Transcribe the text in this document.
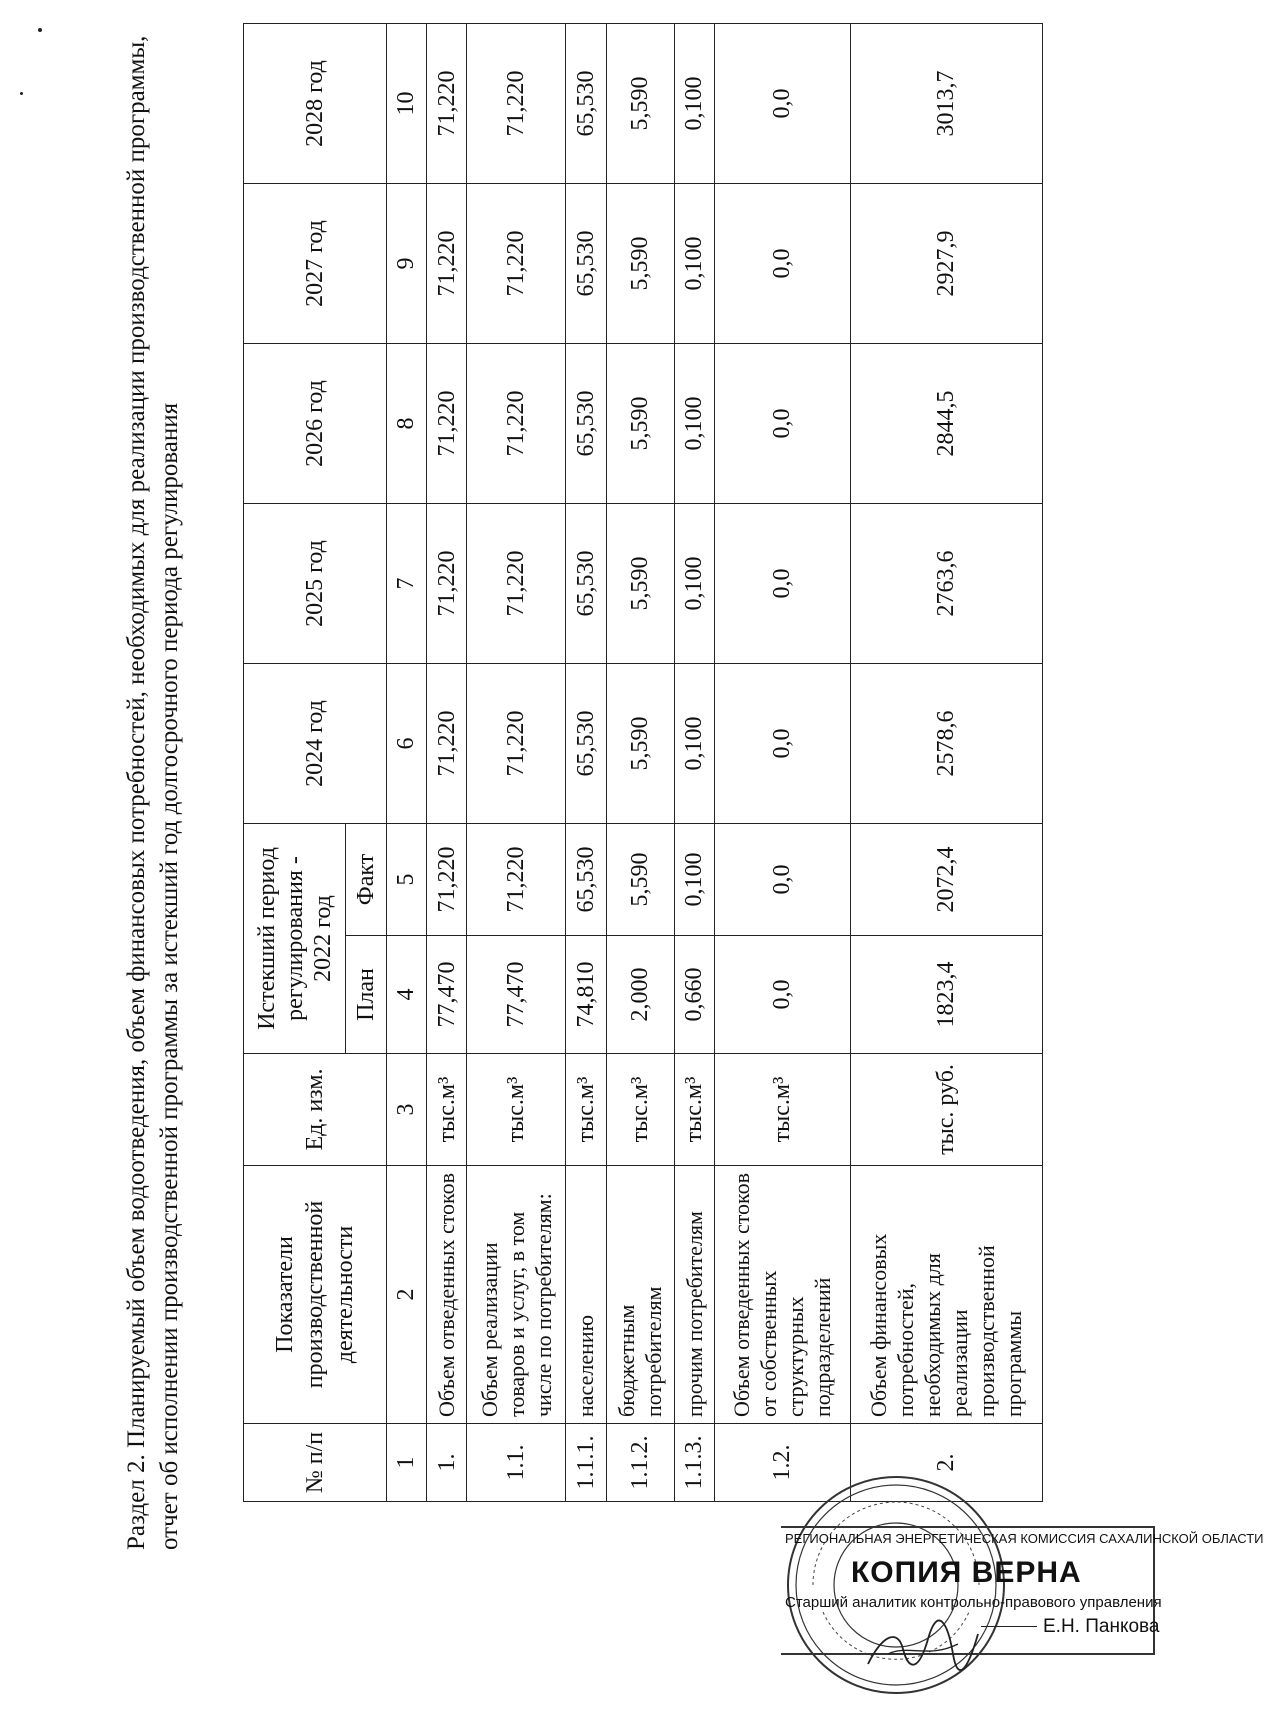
Раздел 2. Планируемый объем водоотведения, объем финансовых потребностей, необходимых для реализации производственной программы, отчет об исполнении производственной программы за истекший год долгосрочного периода регулирования	№ п/п	Показатели производственной деятельности	Ед. изм.	Истекший период регулирования - 2022 год		2024 год	2025 год	2026 год	2027 год	2028 год
			План	Факт					
1	2	3	4	5	6	7	8	9	10
1.	Объем отведенных стоков	тыс.м³	77,470	71,220	71,220	71,220	71,220	71,220	71,220
1.1.	Объем реализации товаров и услуг, в том числе по потребителям:	тыс.м³	77,470	71,220	71,220	71,220	71,220	71,220	71,220
1.1.1.	населению	тыс.м³	74,810	65,530	65,530	65,530	65,530	65,530	65,530
1.1.2.	бюджетным потребителям	тыс.м³	2,000	5,590	5,590	5,590	5,590	5,590	5,590
1.1.3.	прочим потребителям	тыс.м³	0,660	0,100	0,100	0,100	0,100	0,100	0,100
1.2.	Объем отведенных стоков от собственных структурных подразделений	тыс.м³	0,0	0,0	0,0	0,0	0,0	0,0	0,0
2.	Объем финансовых потребностей, необходимых для реализации производственной программы	тыс. руб.	1823,4	2072,4	2578,6	2763,6	2844,5	2927,9	3013,7
РЕГИОНАЛЬНАЯ ЭНЕРГЕТИЧЕСКАЯ КОМИССИЯ САХАЛИНСКОЙ ОБЛАСТИ
КОПИЯ ВЕРНА
Старший аналитик контрольно-правового управления
Е.Н. Панкова
